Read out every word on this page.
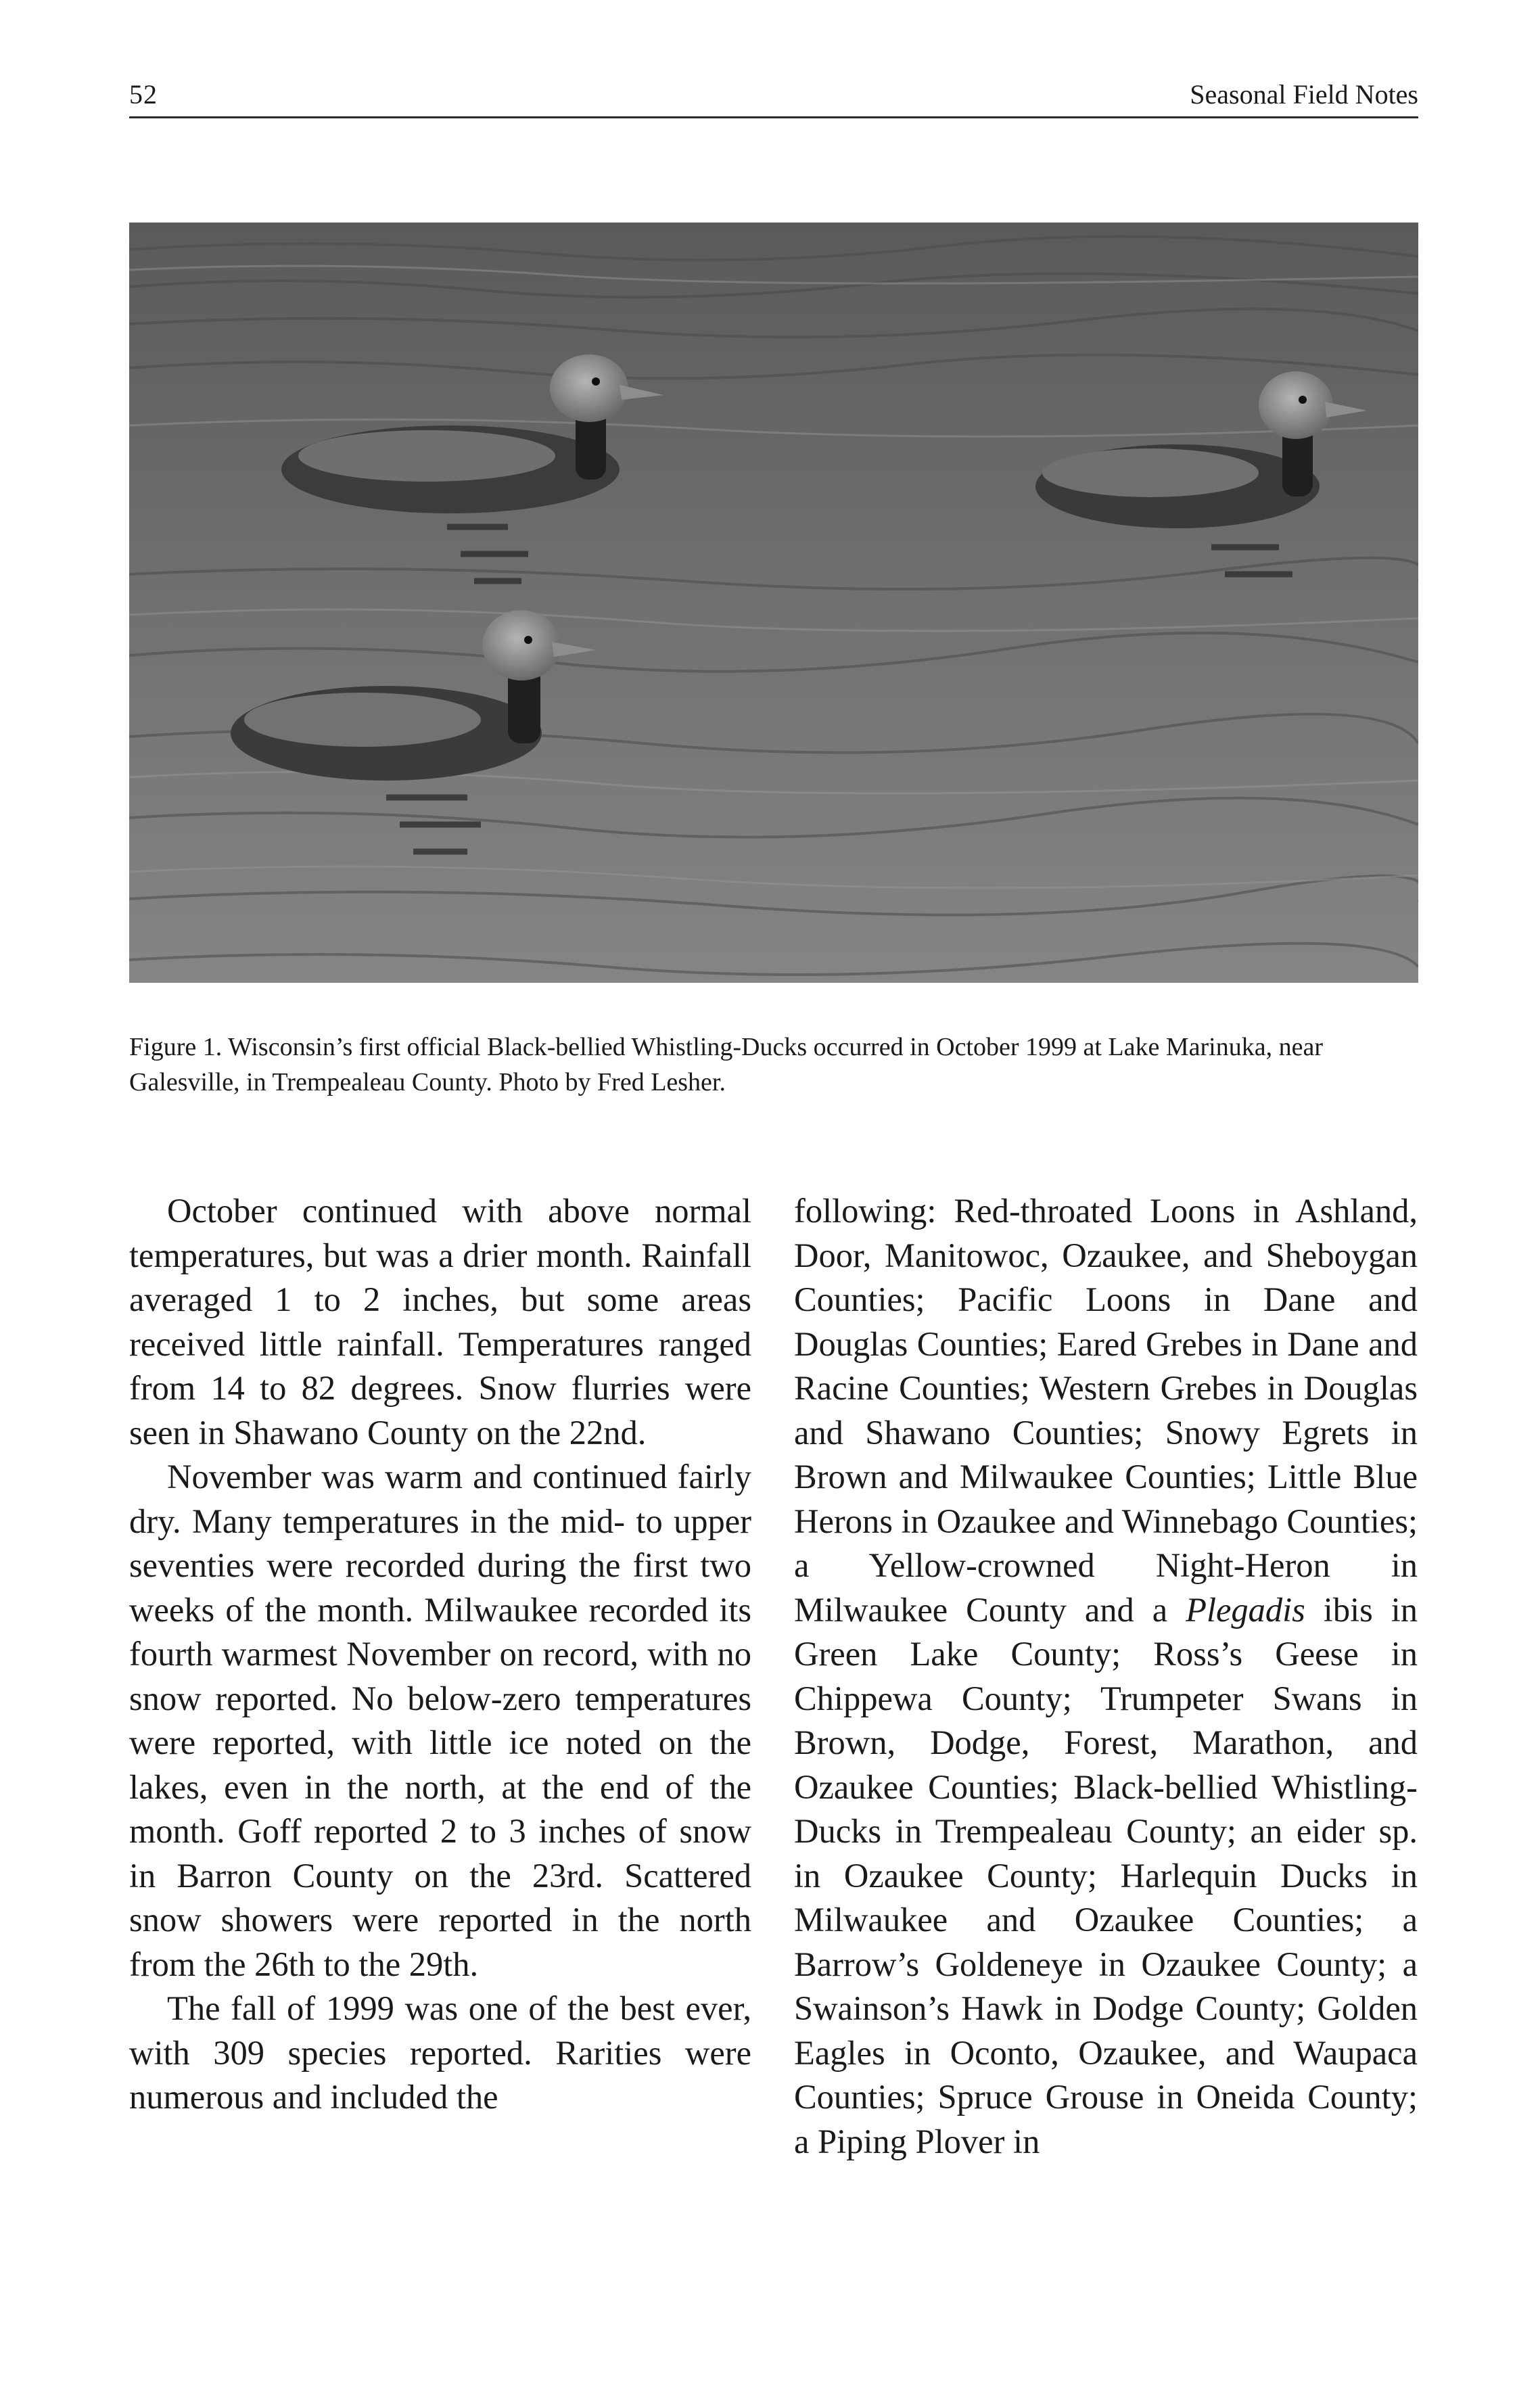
52	Seasonal Field Notes
Figure 1. Wisconsin’s first official Black-bellied Whistling-Ducks occurred in October 1999 at Lake Marinuka, near Galesville, in Trempealeau County. Photo by Fred Lesher.

October continued with above normal temperatures, but was a drier month. Rainfall averaged 1 to 2 inches, but some areas received little rainfall. Temperatures ranged from 14 to 82 degrees. Snow flurries were seen in Shawano County on the 22nd.

November was warm and continued fairly dry. Many temperatures in the mid- to upper seventies were recorded during the first two weeks of the month. Milwaukee recorded its fourth warmest November on record, with no snow reported. No below-zero temperatures were reported, with little ice noted on the lakes, even in the north, at the end of the month. Goff reported 2 to 3 inches of snow in Barron County on the 23rd. Scattered snow showers were reported in the north from the 26th to the 29th.

The fall of 1999 was one of the best ever, with 309 species reported. Rarities were numerous and included the

following: Red-throated Loons in Ashland, Door, Manitowoc, Ozaukee, and Sheboygan Counties; Pacific Loons in Dane and Douglas Counties; Eared Grebes in Dane and Racine Counties; Western Grebes in Douglas and Shawano Counties; Snowy Egrets in Brown and Milwaukee Counties; Little Blue Herons in Ozaukee and Winnebago Counties; a Yellow-crowned Night-Heron in Milwaukee County and a Plegadis ibis in Green Lake County; Ross’s Geese in Chippewa County; Trumpeter Swans in Brown, Dodge, Forest, Marathon, and Ozaukee Counties; Black-bellied Whistling-Ducks in Trempealeau County; an eider sp. in Ozaukee County; Harlequin Ducks in Milwaukee and Ozaukee Counties; a Barrow’s Goldeneye in Ozaukee County; a Swainson’s Hawk in Dodge County; Golden Eagles in Oconto, Ozaukee, and Waupaca Counties; Spruce Grouse in Oneida County; a Piping Plover in
